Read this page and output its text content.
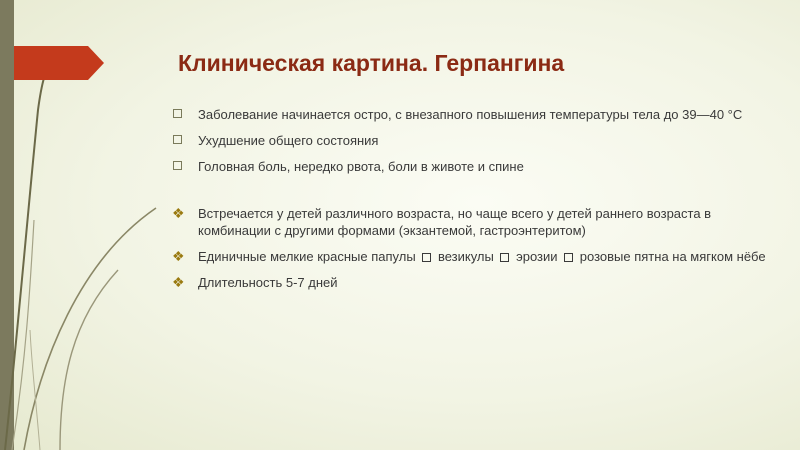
Клиническая картина. Герпангина
Заболевание начинается остро, с внезапного повышения температуры тела до 39—40 °C
Ухудшение общего состояния
Головная боль, нередко рвота, боли в животе и спине
❖	Встречается у детей различного возраста, но чаще всего у детей раннего возраста в комбинации с другими формами (экзантемой, гастроэнтеритом)
❖	Единичные мелкие красные папулы везикулы эрозии розовые пятна на мягком нёбе
❖	Длительность 5-7 дней
